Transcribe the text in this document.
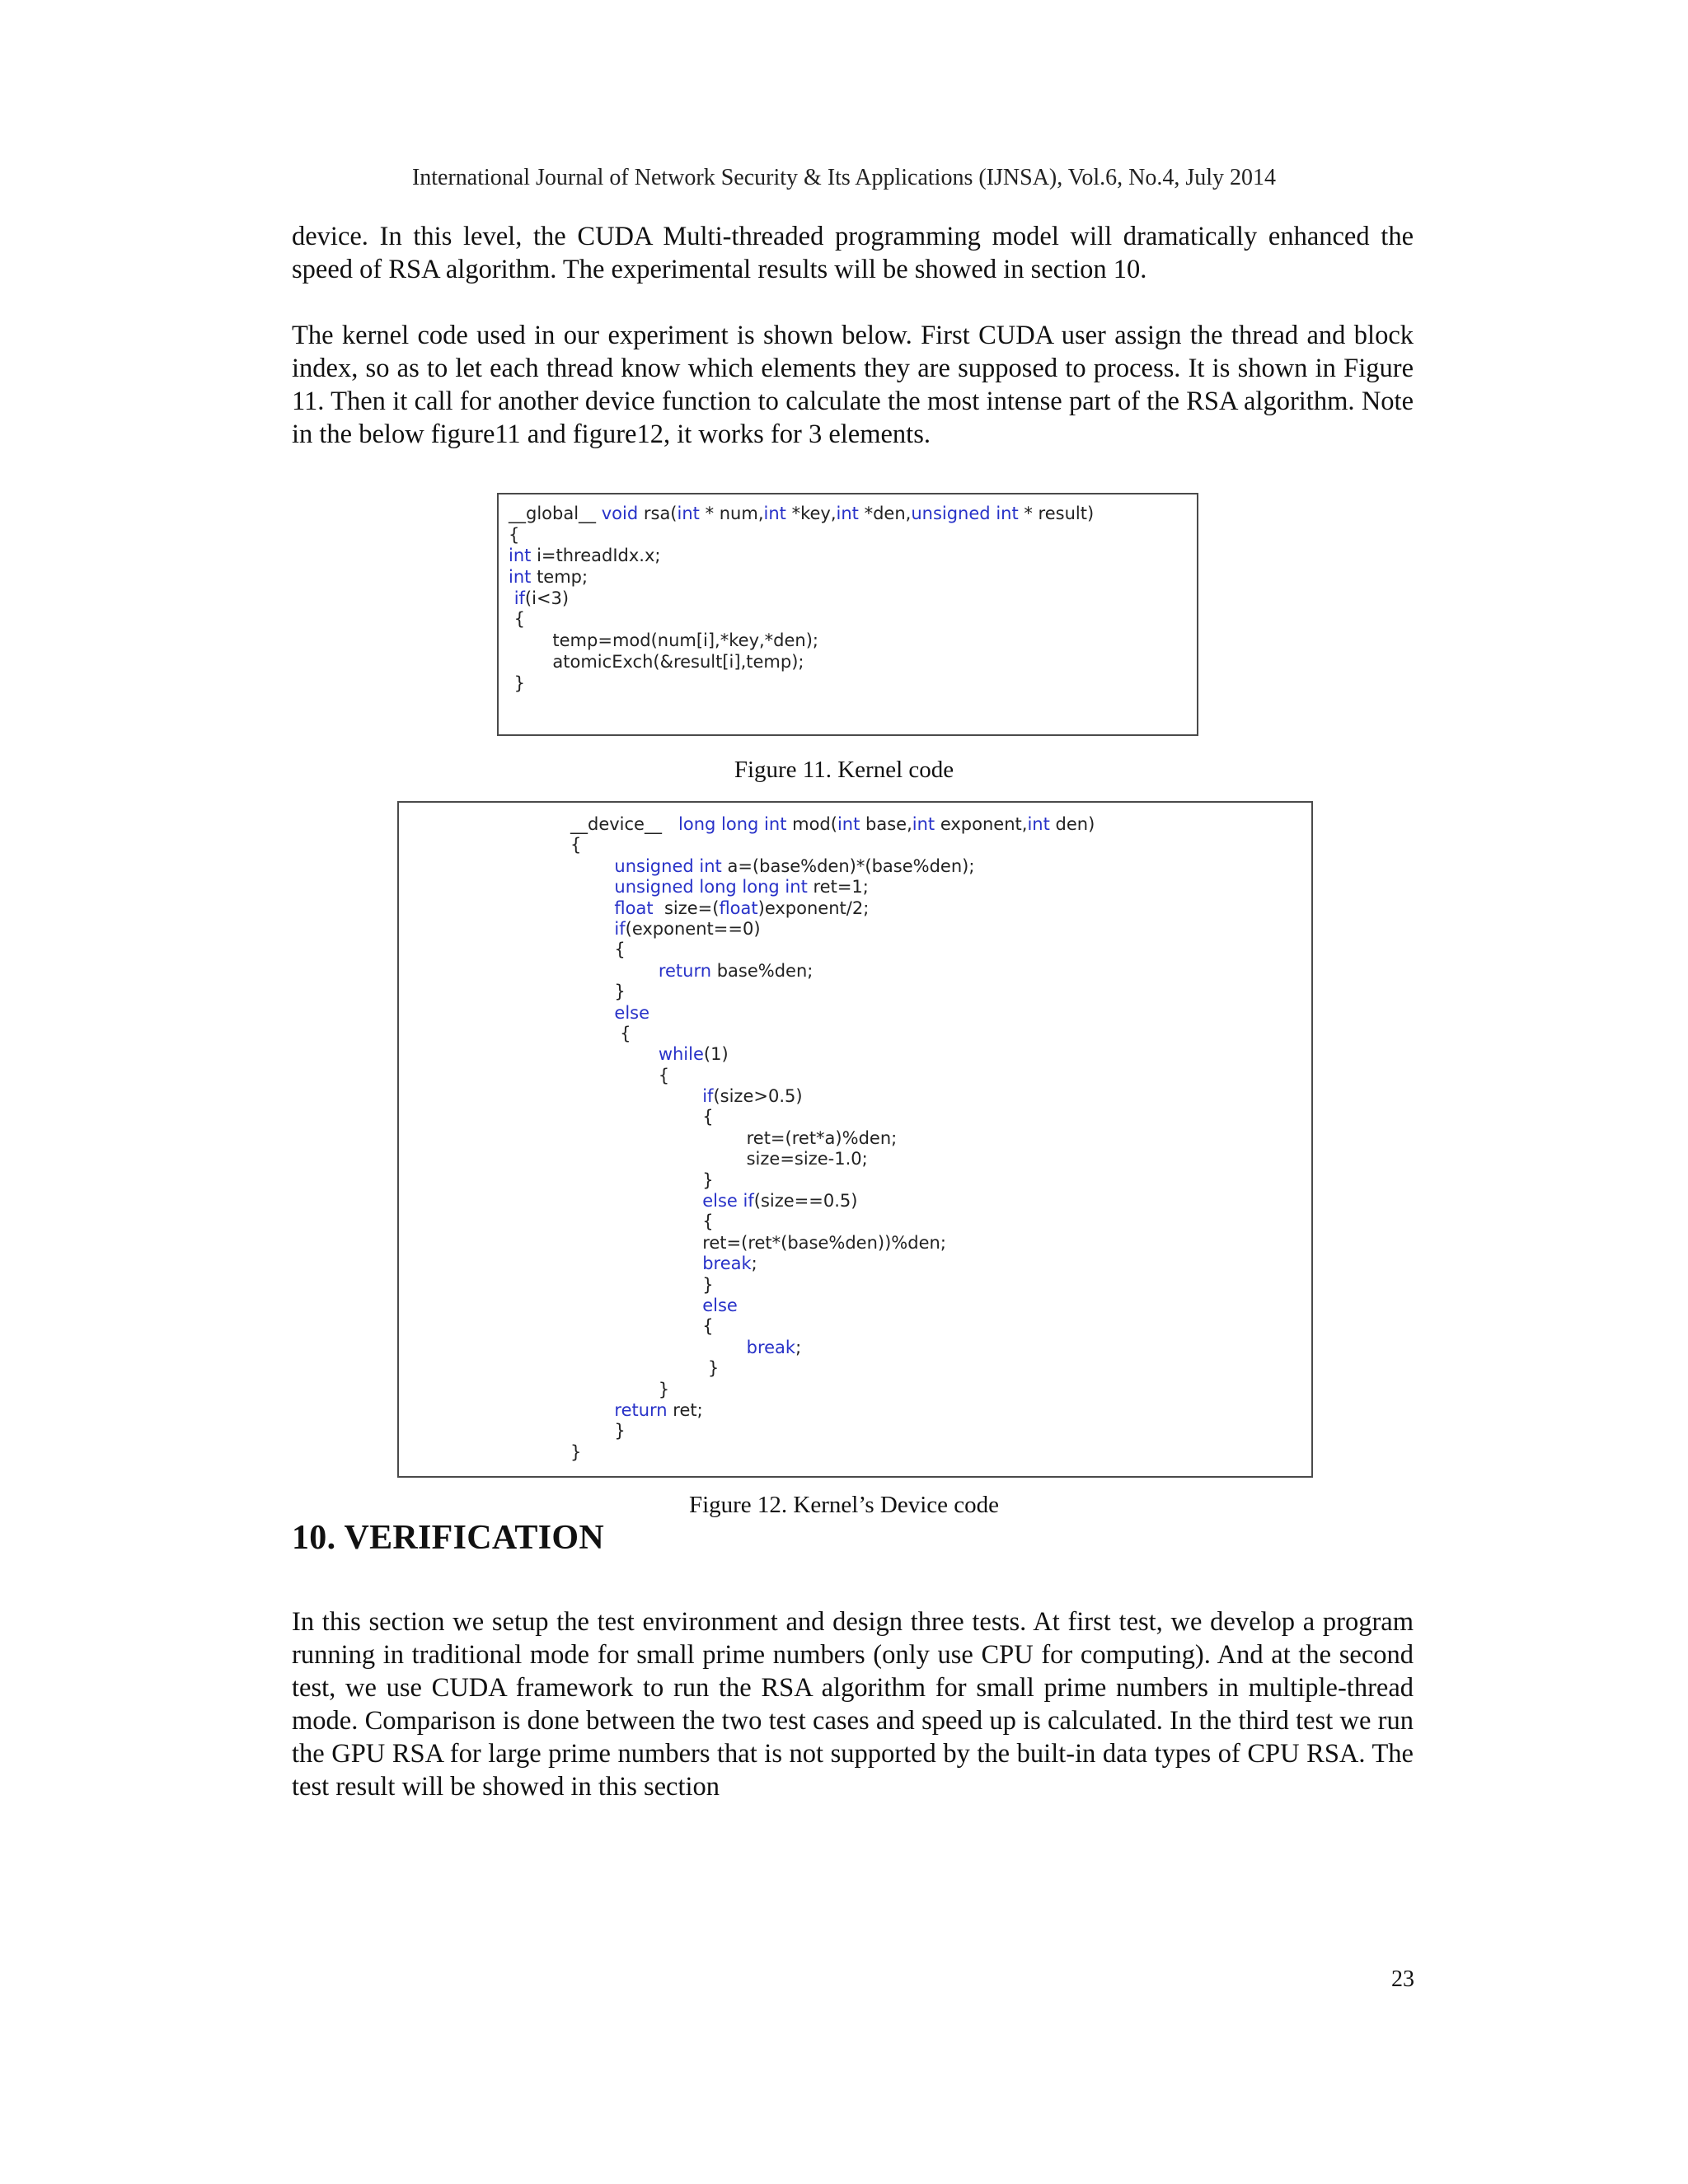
International Journal of Network Security & Its Applications (IJNSA), Vol.6, No.4, July 2014

device. In this level, the CUDA Multi-threaded programming model will dramatically enhanced the speed of RSA algorithm. The experimental results will be showed in section 10.

The kernel code used in our experiment is shown below. First CUDA user assign the thread and block index, so as to let each thread know which elements they are supposed to process. It is shown in Figure 11. Then it call for another device function to calculate the most intense part of the RSA algorithm. Note in the below figure11 and figure12, it works for 3 elements.

__global__ void rsa(int * num,int *key,int *den,unsigned int * result)
{
int i=threadIdx.x;
int temp;
if(i<3)
{
temp=mod(num[i],*key,*den);
atomicExch(&result[i],temp);
}
Figure 11. Kernel code
__device__   long long int mod(int base,int exponent,int den)
{
unsigned int a=(base%den)*(base%den);
unsigned long long int ret=1;
float  size=(float)exponent/2;
if(exponent==0)
{
return base%den;
}
else
{
while(1)
{
if(size>0.5)
{
ret=(ret*a)%den;
size=size-1.0;
}
else if(size==0.5)
{
ret=(ret*(base%den))%den;
break;
}
else
{
break;
}
}
return ret;
}
}
Figure 12. Kernel’s Device code
10. VERIFICATION

In this section we setup the test environment and design three tests. At first test, we develop a program running in traditional mode for small prime numbers (only use CPU for computing). And at the second test, we use CUDA framework to run the RSA algorithm for small prime numbers in multiple-thread mode. Comparison is done between the two test cases and speed up is calculated. In the third test we run the GPU RSA for large prime numbers that is not supported by the built-in data types of CPU RSA. The test result will be showed in this section

23
